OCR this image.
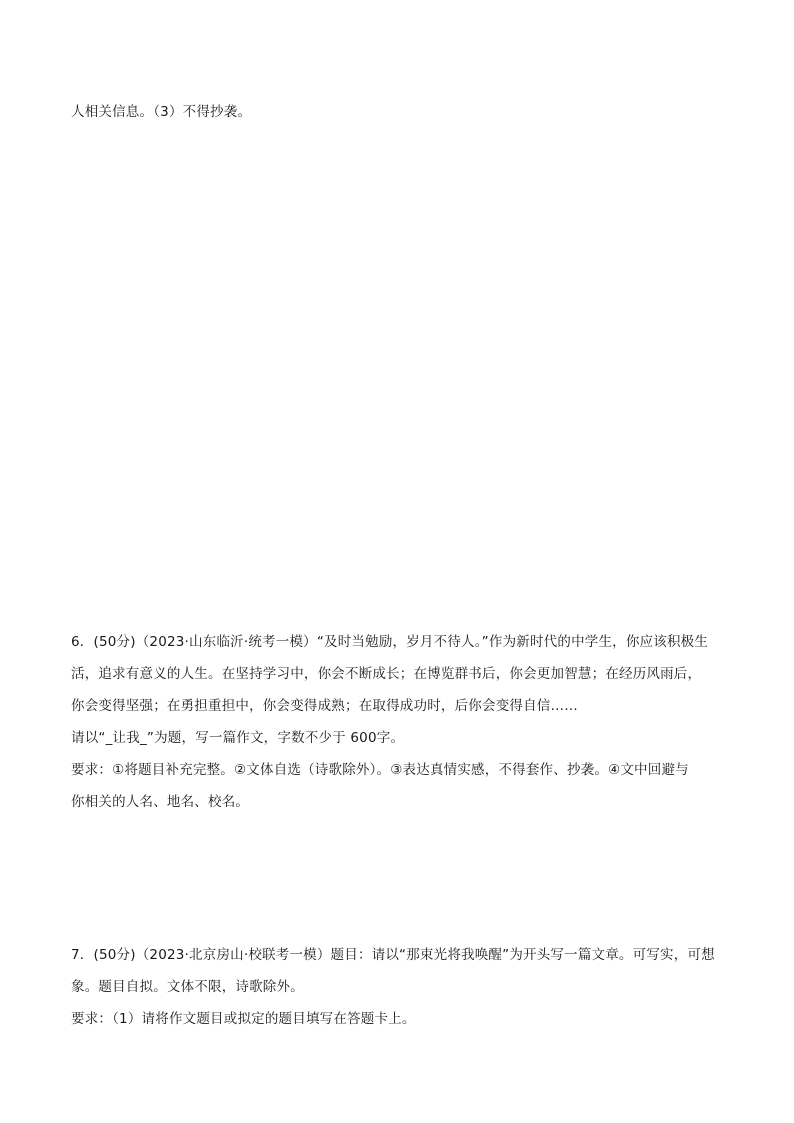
人相关信息。（3）不得抄袭。
6．(50分)（2023·山东临沂·统考一模）“及时当勉励，岁月不待人。”作为新时代的中学生，你应该积极生
活，追求有意义的人生。在坚持学习中，你会不断成长；在博览群书后，你会更加智慧；在经历风雨后，
你会变得坚强；在勇担重担中，你会变得成熟；在取得成功时，后你会变得自信……
请以“_让我_”为题，写一篇作文，字数不少于 600字。
要求：①将题目补充完整。②文体自选（诗歌除外）。③表达真情实感，不得套作、抄袭。④文中回避与
你相关的人名、地名、校名。
7．(50分)（2023·北京房山·校联考一模）题目：请以“那束光将我唤醒”为开头写一篇文章。可写实，可想
象。题目自拟。文体不限，诗歌除外。
要求：（1）请将作文题目或拟定的题目填写在答题卡上。
